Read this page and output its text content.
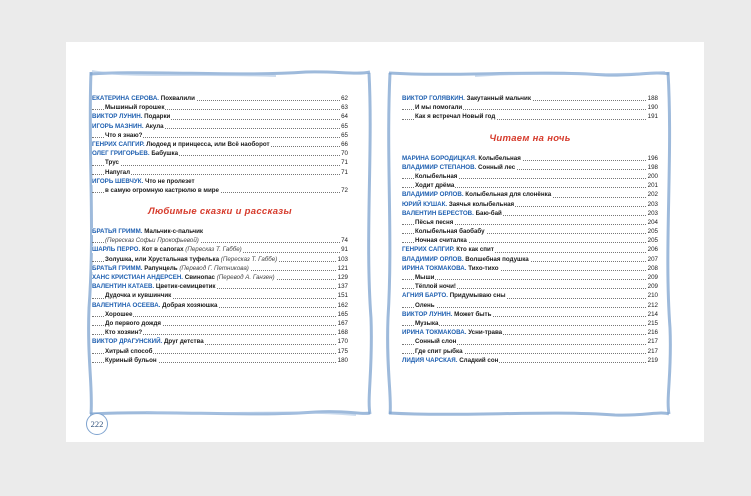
ЕКАТЕРИНА СЕРОВА. Похвалили	62
Мышиный горошек	63
ВИКТОР ЛУНИН. Подарки	64
ИГОРЬ МАЗНИН. Акула	65
Что я знаю?	65
ГЕНРИХ САПГИР. Людоед и принцесса, или Всё наоборот	66
ОЛЕГ ГРИГОРЬЕВ. Бабушка	70
Трус	71
Напугал	71
ИГОРЬ ШЕВЧУК. Что не пролезет
в самую огромную кастрюлю в мире	72
Любимые сказки и рассказы
БРАТЬЯ ГРИММ. Мальчик-с-пальчик
(Пересказ Софьи Прокофьевой)	74
ШАРЛЬ ПЕРРО. Кот в сапогах (Пересказ Т. Габбе)	91
Золушка, или Хрустальная туфелька (Пересказ Т. Габбе)	103
БРАТЬЯ ГРИММ. Рапунцель (Перевод Г. Петникова)	121
ХАНС КРИСТИАН АНДЕРСЕН. Свинопас (Перевод А. Ганзен)	129
ВАЛЕНТИН КАТАЕВ. Цветик-семицветик	137
Дудочка и кувшинчик	151
ВАЛЕНТИНА ОСЕЕВА. Добрая хозяюшка	162
Хорошее	165
До первого дождя	167
Кто хозяин?	168
ВИКТОР ДРАГУНСКИЙ. Друг детства	170
Хитрый способ	175
Куриный бульон	180
ВИКТОР ГОЛЯВКИН. Закутанный мальчик	188
И мы помогали	190
Как я встречал Новый год	191
Читаем на ночь
МАРИНА БОРОДИЦКАЯ. Колыбельная	196
ВЛАДИМИР СТЕПАНОВ. Сонный лес	198
Колыбельная	200
Ходит дрёма	201
ВЛАДИМИР ОРЛОВ. Колыбельная для слонёнка	202
ЮРИЙ КУШАК. Заячья колыбельная	203
ВАЛЕНТИН БЕРЕСТОВ. Баю-бай	203
Пёсья песня	204
Колыбельная баобабу	205
Ночная считалка	205
ГЕНРИХ САПГИР. Кто как спит	206
ВЛАДИМИР ОРЛОВ. Волшебная подушка	207
ИРИНА ТОКМАКОВА. Тихо-тихо	208
Мыши	209
Тёплой ночи!	209
АГНИЯ БАРТО. Придумываю сны	210
Олень	212
ВИКТОР ЛУНИН. Может быть	214
Музыка	215
ИРИНА ТОКМАКОВА. Усни-трава	216
Сонный слон	217
Где спит рыбка	217
ЛИДИЯ ЧАРСКАЯ. Сладкий сон	219
222
